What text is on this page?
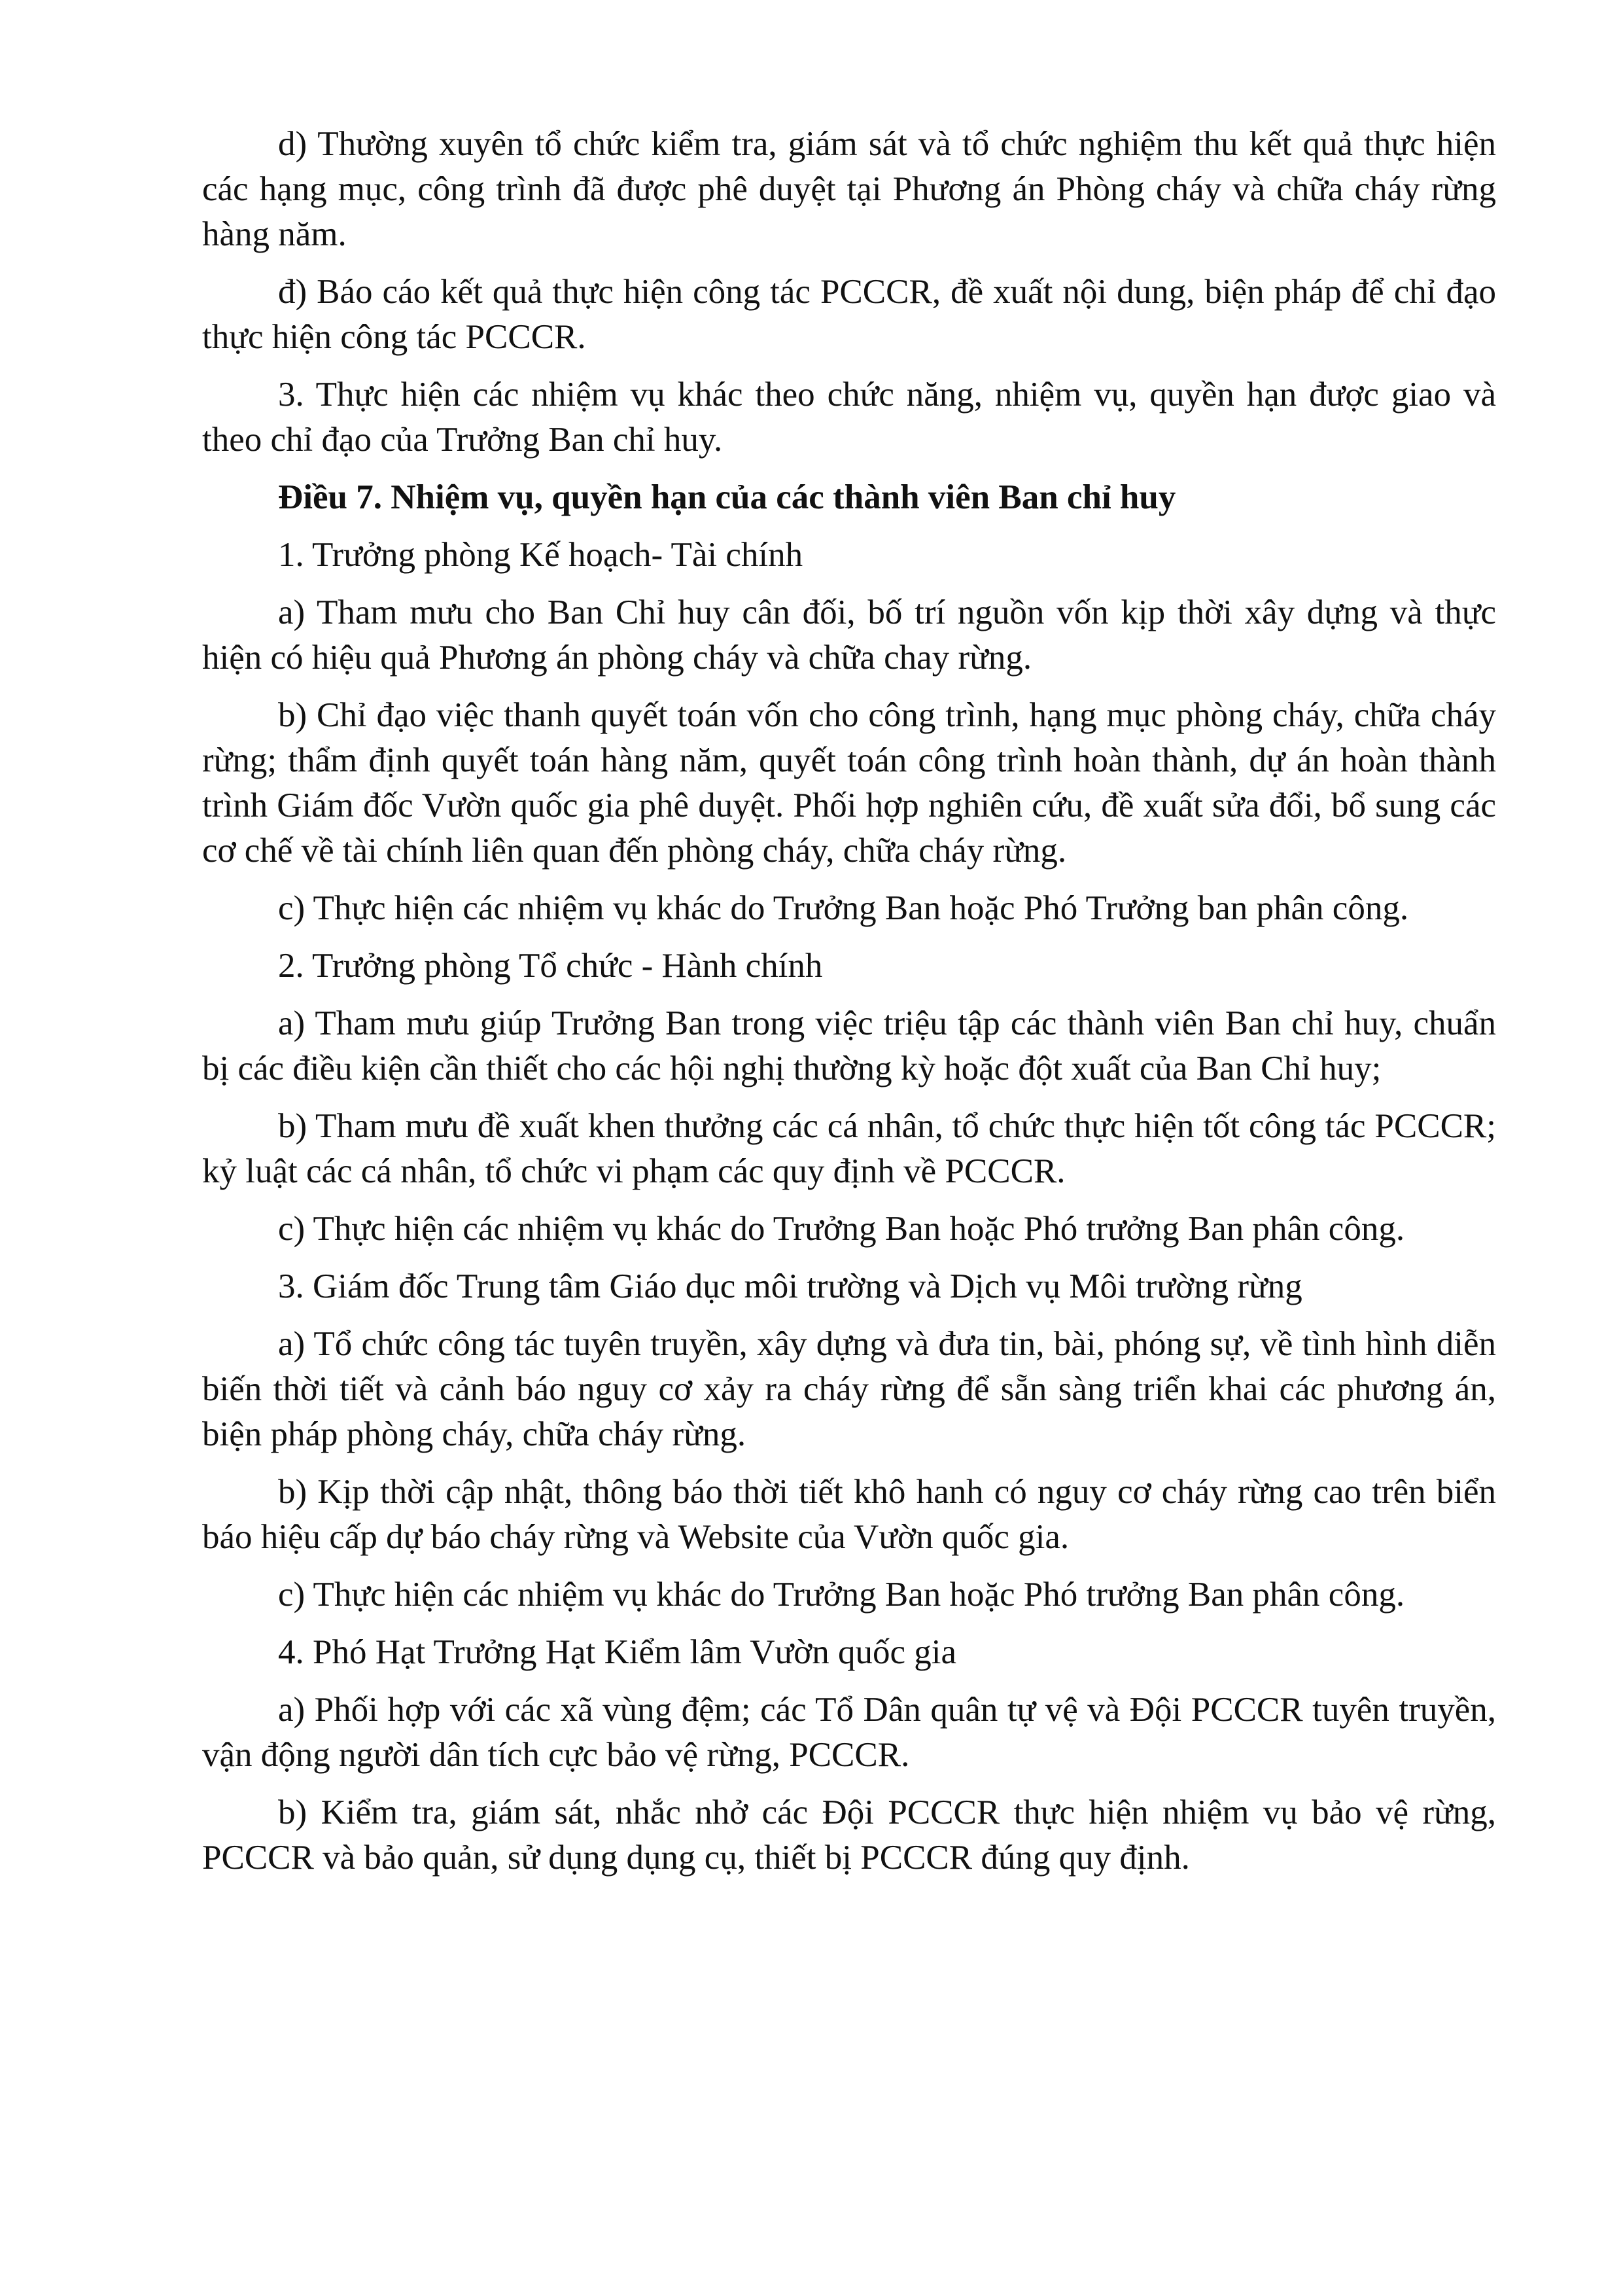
d) Thường xuyên tổ chức kiểm tra, giám sát và tổ chức nghiệm thu kết quả thực hiện các hạng mục, công trình đã được phê duyệt tại Phương án Phòng cháy và chữa cháy rừng hàng năm.

đ) Báo cáo kết quả thực hiện công tác PCCCR, đề xuất nội dung, biện pháp để chỉ đạo thực hiện công tác PCCCR.

3. Thực hiện các nhiệm vụ khác theo chức năng, nhiệm vụ, quyền hạn được giao và theo chỉ đạo của Trưởng Ban chỉ huy.

Điều 7. Nhiệm vụ, quyền hạn của các thành viên Ban chỉ huy

1. Trưởng phòng Kế hoạch- Tài chính

a) Tham mưu cho Ban Chỉ huy cân đối, bố trí nguồn vốn kịp thời xây dựng và thực hiện có hiệu quả Phương án phòng cháy và chữa chay rừng.

b) Chỉ đạo việc thanh quyết toán vốn cho công trình, hạng mục phòng cháy, chữa cháy rừng; thẩm định quyết toán hàng năm, quyết toán công trình hoàn thành, dự án hoàn thành trình Giám đốc Vườn quốc gia phê duyệt. Phối hợp nghiên cứu, đề xuất sửa đổi, bổ sung các cơ chế về tài chính liên quan đến phòng cháy, chữa cháy rừng.

c) Thực hiện các nhiệm vụ khác do Trưởng Ban hoặc Phó Trưởng ban phân công.

2. Trưởng phòng Tổ chức - Hành chính

a) Tham mưu giúp Trưởng Ban trong việc triệu tập các thành viên Ban chỉ huy, chuẩn bị các điều kiện cần thiết cho các hội nghị thường kỳ hoặc đột xuất của Ban Chỉ huy;

b) Tham mưu đề xuất khen thưởng các cá nhân, tổ chức thực hiện tốt công tác PCCCR; kỷ luật các cá nhân, tổ chức vi phạm các quy định về PCCCR.

c) Thực hiện các nhiệm vụ khác do Trưởng Ban hoặc Phó trưởng Ban phân công.

3. Giám đốc Trung tâm Giáo dục môi trường và Dịch vụ Môi trường rừng

a) Tổ chức công tác tuyên truyền, xây dựng và đưa tin, bài, phóng sự, về tình hình diễn biến thời tiết và cảnh báo nguy cơ xảy ra cháy rừng để sẵn sàng triển khai các phương án, biện pháp phòng cháy, chữa cháy rừng.

b) Kịp thời cập nhật, thông báo thời tiết khô hanh có nguy cơ cháy rừng cao trên biển báo hiệu cấp dự báo cháy rừng và Website của Vườn quốc gia.

c) Thực hiện các nhiệm vụ khác do Trưởng Ban hoặc Phó trưởng Ban phân công.

4. Phó Hạt Trưởng Hạt Kiểm lâm Vườn quốc gia

a) Phối hợp với các xã vùng đệm; các Tổ Dân quân tự vệ và Đội PCCCR tuyên truyền, vận động người dân tích cực bảo vệ rừng, PCCCR.

b) Kiểm tra, giám sát, nhắc nhở các Đội PCCCR thực hiện nhiệm vụ bảo vệ rừng, PCCCR và bảo quản, sử dụng dụng cụ, thiết bị PCCCR đúng quy định.
